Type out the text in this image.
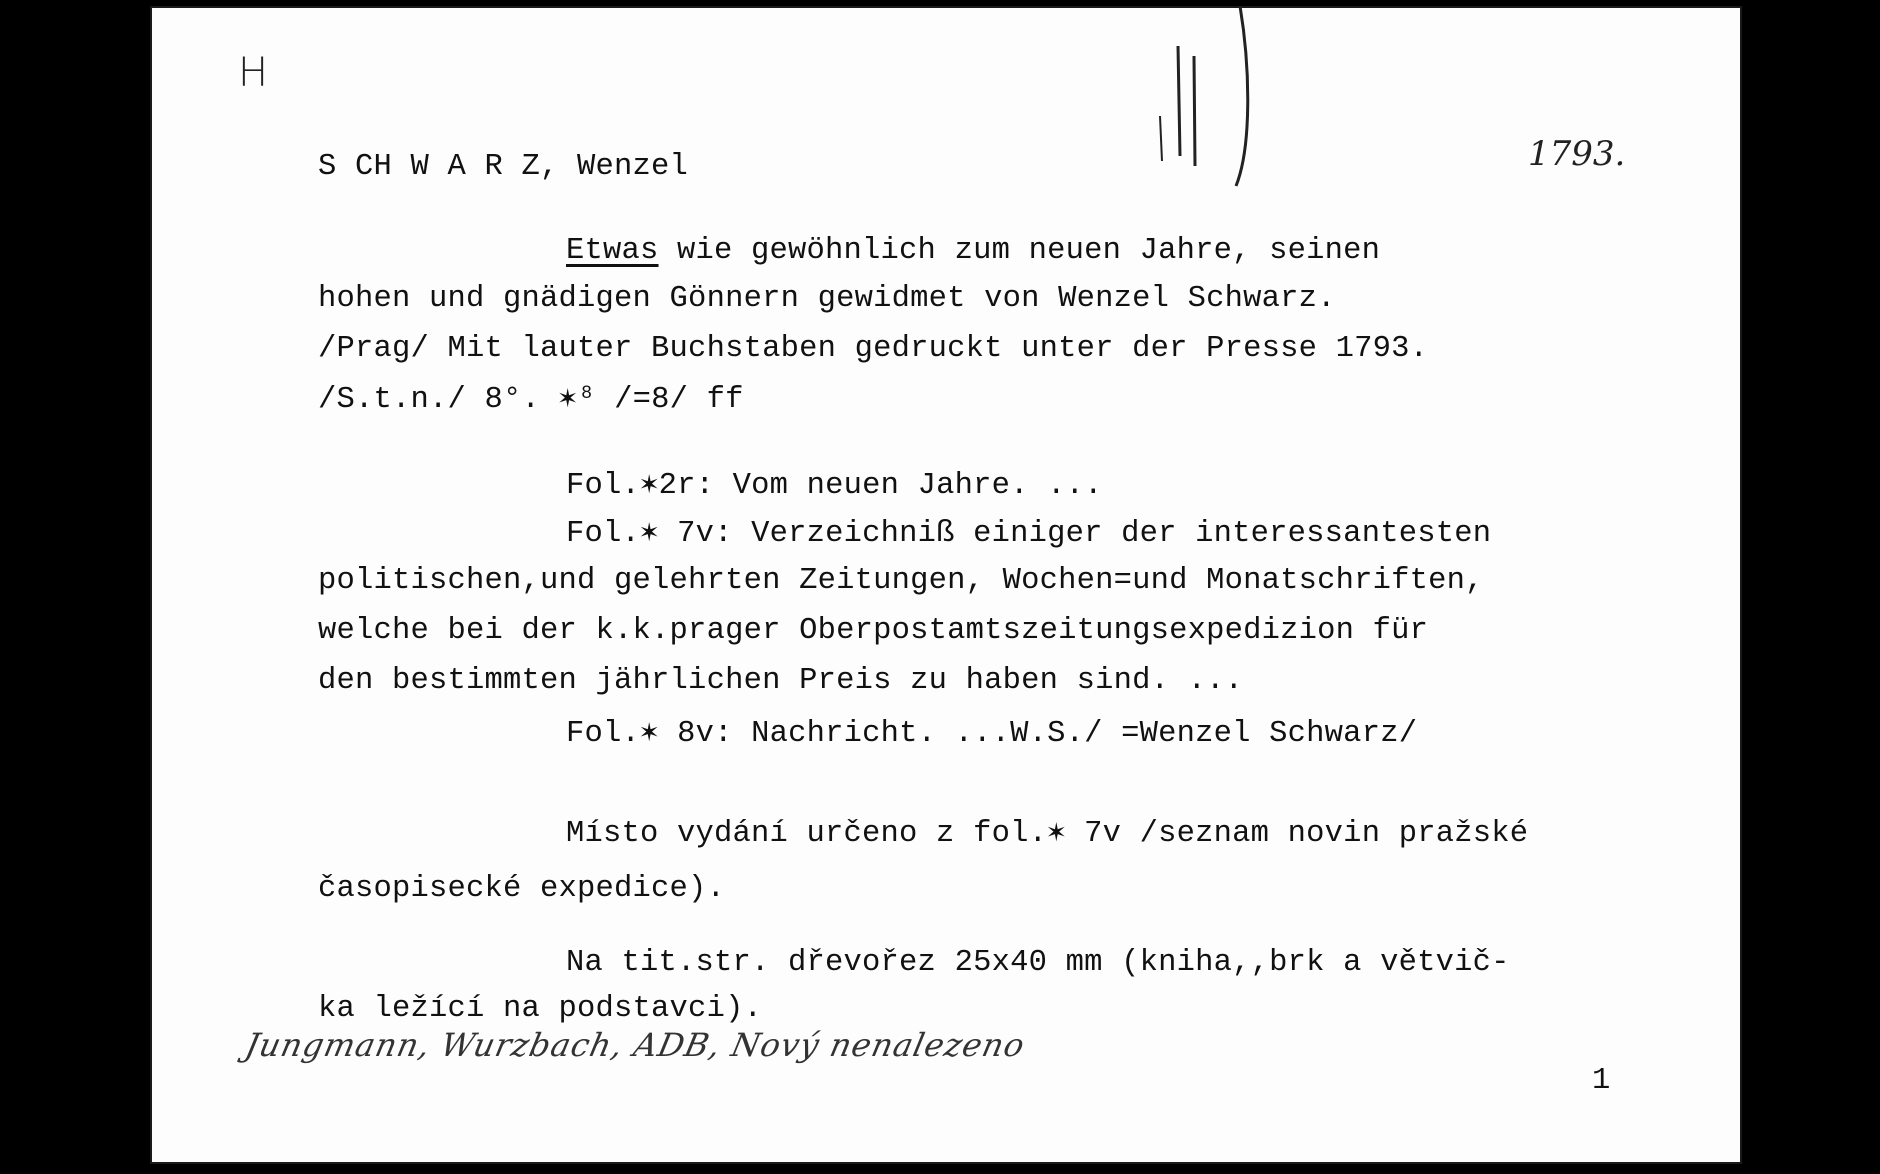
H
1793.
S CH W A R Z, Wenzel
Etwas wie gewöhnlich zum neuen Jahre, seinen
hohen und gnädigen Gönnern gewidmet von Wenzel Schwarz.
/Prag/ Mit lauter Buchstaben gedruckt unter der Presse 1793.
/S.t.n./ 8°. ✶⁸ /=8/ ff
Fol.✶2r: Vom neuen Jahre. ...
Fol.✶ 7v: Verzeichniß einiger der interessantesten
politischen,und gelehrten Zeitungen, Wochen=und Monatschriften,
welche bei der k.k.prager Oberpostamtszeitungsexpedizion für
den bestimmten jährlichen Preis zu haben sind. ...
Fol.✶ 8v: Nachricht. ...W.S./ =Wenzel Schwarz/
Místo vydání určeno z fol.✶ 7v /seznam novin pražské
časopisecké expedice).
Na tit.str. dřevořez 25x40 mm (kniha,,brk a větvič-
ka ležící na podstavci).
Jungmann, Wurzbach, ADB, Nový nenalezeno
1
